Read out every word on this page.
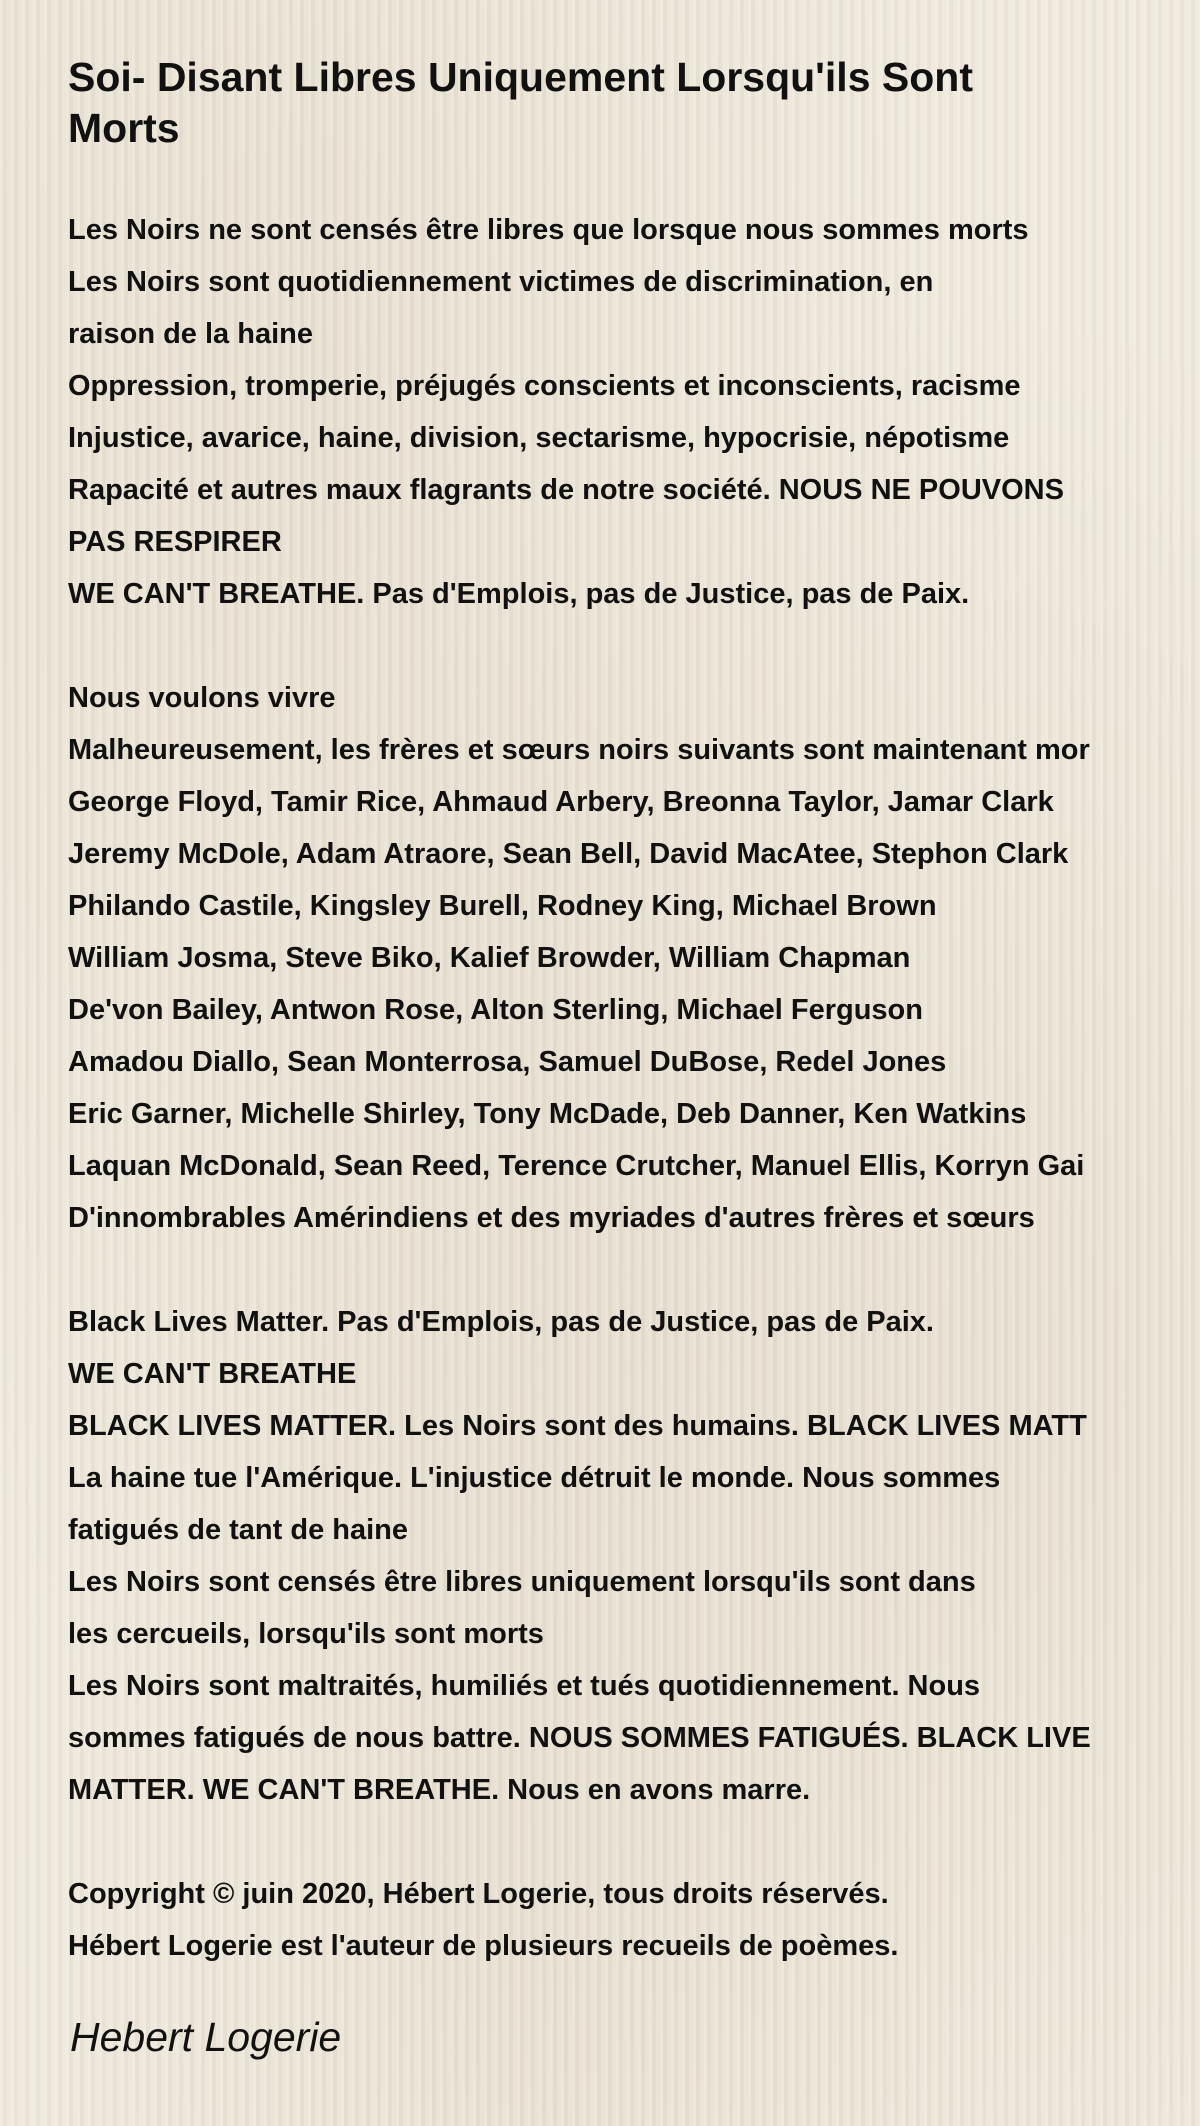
Soi- Disant Libres Uniquement Lorsqu'ils Sont Morts
Les Noirs ne sont censés être libres que lorsque nous sommes morts
Les Noirs sont quotidiennement victimes de discrimination, en
raison de la haine
Oppression, tromperie, préjugés conscients et inconscients, racisme
Injustice, avarice, haine, division, sectarisme, hypocrisie, népotisme
Rapacité et autres maux flagrants de notre société. NOUS NE POUVONS
PAS RESPIRER
WE CAN'T BREATHE. Pas d'Emplois, pas de Justice, pas de Paix.
Nous voulons vivre
Malheureusement, les frères et sœurs noirs suivants sont maintenant mor
George Floyd, Tamir Rice, Ahmaud Arbery, Breonna Taylor, Jamar Clark
Jeremy McDole, Adam Atraore, Sean Bell, David MacAtee, Stephon Clark
Philando Castile, Kingsley Burell, Rodney King, Michael Brown
William Josma, Steve Biko, Kalief Browder, William Chapman
De'von Bailey, Antwon Rose, Alton Sterling, Michael Ferguson
Amadou Diallo, Sean Monterrosa, Samuel DuBose, Redel Jones
Eric Garner, Michelle Shirley, Tony McDade, Deb Danner, Ken Watkins
Laquan McDonald, Sean Reed, Terence Crutcher, Manuel Ellis, Korryn Gai
D'innombrables Amérindiens et des myriades d'autres frères et sœurs
Black Lives Matter. Pas d'Emplois, pas de Justice, pas de Paix.
WE CAN'T BREATHE
BLACK LIVES MATTER. Les Noirs sont des humains. BLACK LIVES MATT
La haine tue l'Amérique. L'injustice détruit le monde. Nous sommes
fatigués de tant de haine
Les Noirs sont censés être libres uniquement lorsqu'ils sont dans
les cercueils, lorsqu'ils sont morts
Les Noirs sont maltraités, humiliés et tués quotidiennement. Nous
sommes fatigués de nous battre. NOUS SOMMES FATIGUÉS. BLACK LIVE
MATTER. WE CAN'T BREATHE. Nous en avons marre.
Copyright © juin 2020, Hébert Logerie, tous droits réservés.
Hébert Logerie est l'auteur de plusieurs recueils de poèmes.
Hebert Logerie
